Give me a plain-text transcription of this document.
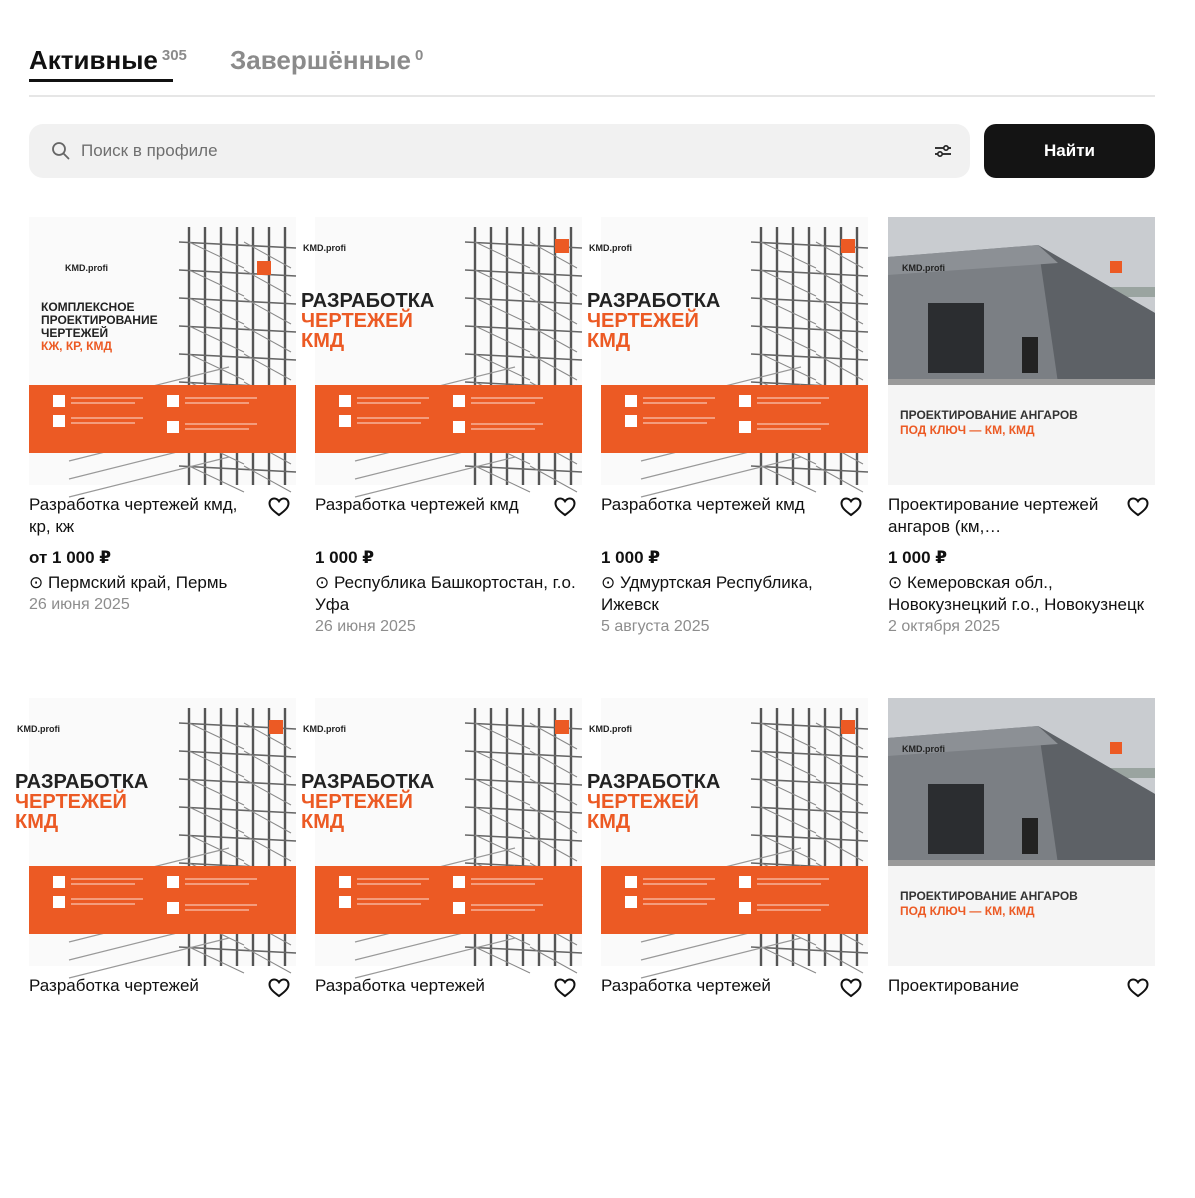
Активные $^{305}$ Завершённые $^0$
Поиск в профиле
Найти
KMD.profi
КОМПЛЕКСНОЕ
ПРОЕКТИРОВАНИЕ
ЧЕРТЕЖЕЙ
КЖ, КР, КМД
Разработка чертежей кмд, кр, кж
от 1 000 ₽
⊙ Пермский край, Пермь
26 июня 2025
KMD.profi
РАЗРАБОТКА
ЧЕРТЕЖЕЙ
КМД
Разработка чертежей кмд
1 000 ₽
⊙ Республика Башкортостан, г.о. Уфа
26 июня 2025
KMD.profi
РАЗРАБОТКА
ЧЕРТЕЖЕЙ
КМД
Разработка чертежей кмд
1 000 ₽
⊙ Удмуртская Республика, Ижевск
5 августа 2025
KMD.profi
ПРОЕКТИРОВАНИЕ АНГАРОВ
ПОД КЛЮЧ — КМ, КМД
Проектирование чертежей ангаров (км,…
1 000 ₽
⊙ Кемеровская обл., Новокузнецкий г.о., Новокузнецк
2 октября 2025
KMD.profi
РАЗРАБОТКА
ЧЕРТЕЖЕЙ
КМД
Разработка чертежей
KMD.profi
РАЗРАБОТКА
ЧЕРТЕЖЕЙ
КМД
Разработка чертежей
KMD.profi
РАЗРАБОТКА
ЧЕРТЕЖЕЙ
КМД
Разработка чертежей
KMD.profi
ПРОЕКТИРОВАНИЕ АНГАРОВ
ПОД КЛЮЧ — КМ, КМД
Проектирование
